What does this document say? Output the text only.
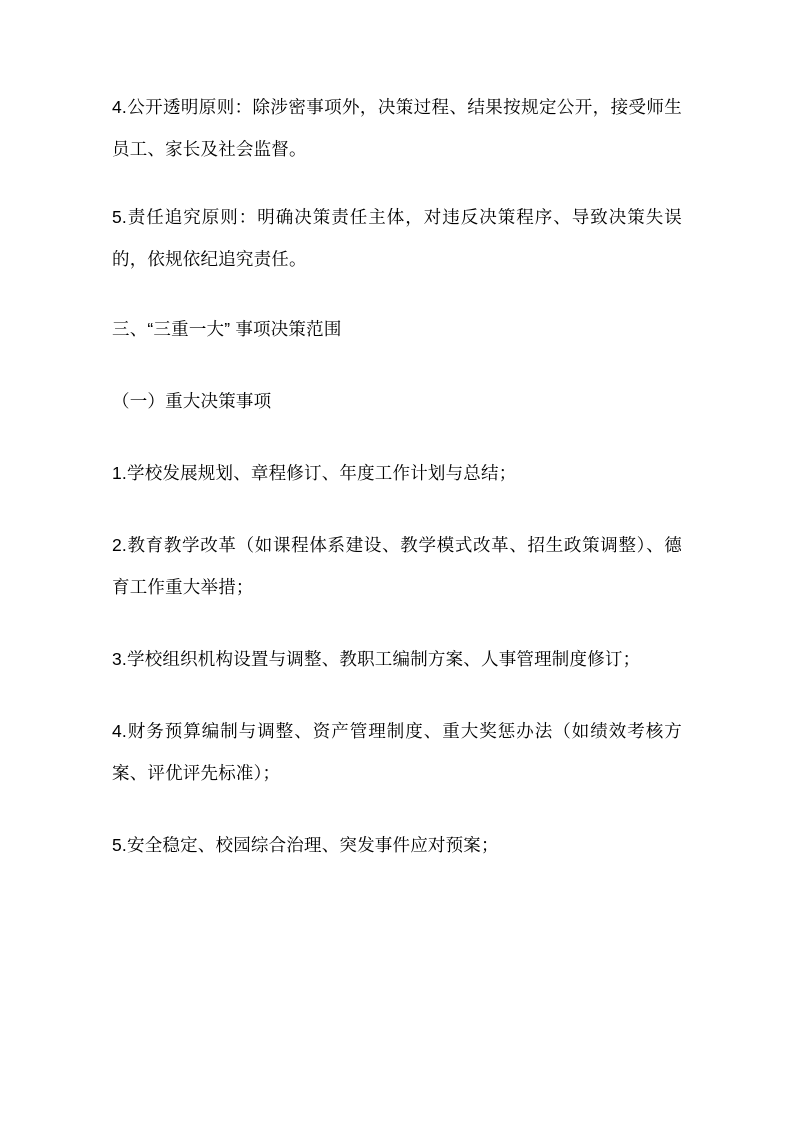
4.公开透明原则：除涉密事项外，决策过程、结果按规定公开，接受师生员工、家长及社会监督。

5.责任追究原则：明确决策责任主体，对违反决策程序、导致决策失误的，依规依纪追究责任。

三、“三重一大” 事项决策范围

（一）重大决策事项

1.学校发展规划、章程修订、年度工作计划与总结；

2.教育教学改革（如课程体系建设、教学模式改革、招生政策调整）、德育工作重大举措；

3.学校组织机构设置与调整、教职工编制方案、人事管理制度修订；

4.财务预算编制与调整、资产管理制度、重大奖惩办法（如绩效考核方案、评优评先标准）；

5.安全稳定、校园综合治理、突发事件应对预案；
